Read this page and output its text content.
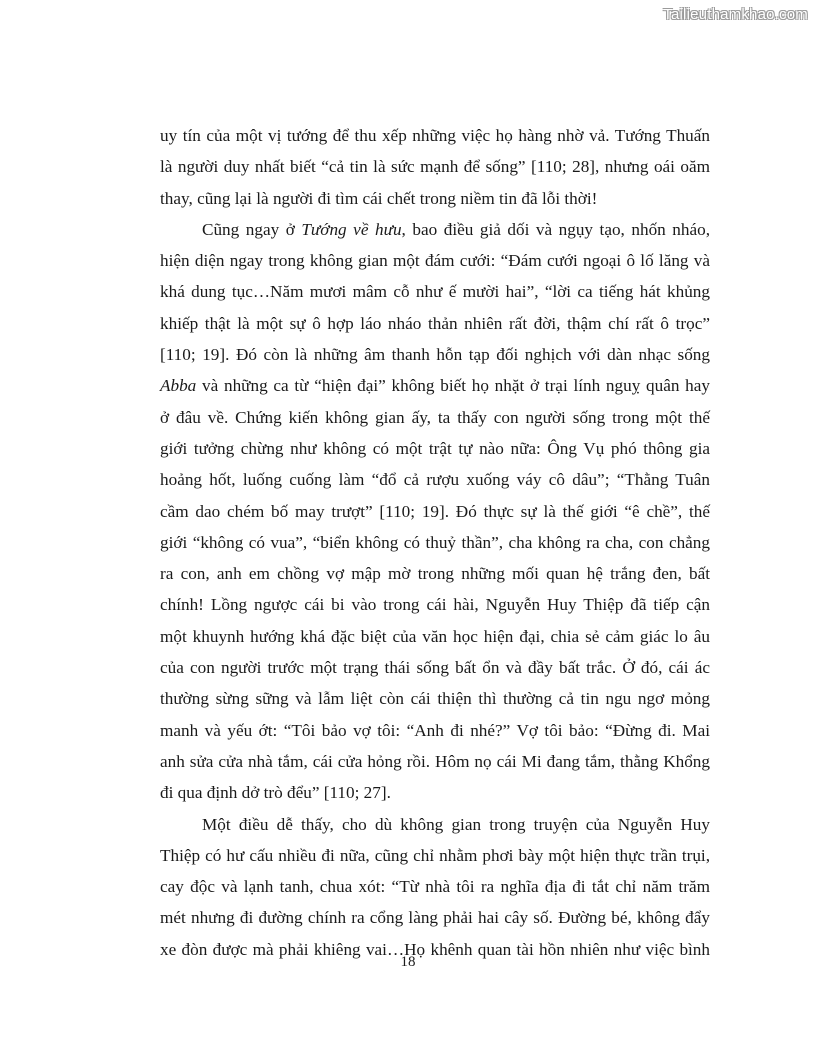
Tailieuthamkhao.com
uy tín của một vị tướng để thu xếp những việc họ hàng nhờ vả. Tướng Thuấn
là người duy nhất biết “cả tin là sức mạnh để sống” [110; 28], nhưng oái oăm
thay, cũng lại là người đi tìm cái chết trong niềm tin đã lỗi thời!
Cũng ngay ở Tướng về hưu, bao điều giả dối và ngụy tạo, nhốn nháo,
hiện diện ngay trong không gian một đám cưới: “Đám cưới ngoại ô lố lăng và
khá dung tục…Năm mươi mâm cỗ như ế mười hai”, “lời ca tiếng hát khủng
khiếp thật là một sự ô hợp láo nháo thản nhiên rất đời, thậm chí rất ô trọc”
[110; 19]. Đó còn là những âm thanh hỗn tạp đối nghịch với dàn nhạc sống
Abba và những ca từ “hiện đại” không biết họ nhặt ở trại lính nguỵ quân hay
ở đâu về. Chứng kiến không gian ấy, ta thấy con người sống trong một thế
giới tưởng chừng như không có một trật tự nào nữa: Ông Vụ phó thông gia
hoảng hốt, luống cuống làm “đổ cả rượu xuống váy cô dâu”; “Thằng Tuân
cầm dao chém bố may trượt” [110; 19]. Đó thực sự là thế giới “ê chề”, thế
giới “không có vua”, “biển không có thuỷ thần”, cha không ra cha, con chẳng
ra con, anh em chồng vợ mập mờ trong những mối quan hệ trắng đen, bất
chính! Lồng ngược cái bi vào trong cái hài, Nguyễn Huy Thiệp đã tiếp cận
một khuynh hướng khá đặc biệt của văn học hiện đại, chia sẻ cảm giác lo âu
của con người trước một trạng thái sống bất ổn và đầy bất trắc. Ở đó, cái ác
thường sừng sững và lẫm liệt còn cái thiện thì thường cả tin ngu ngơ mỏng
manh và yếu ớt: “Tôi bảo vợ tôi: “Anh đi nhé?” Vợ tôi bảo: “Đừng đi. Mai
anh sửa cửa nhà tắm, cái cửa hỏng rồi. Hôm nọ cái Mi đang tắm, thằng Khổng
đi qua định dở trò đểu” [110; 27].
Một điều dễ thấy, cho dù không gian trong truyện của Nguyễn Huy
Thiệp có hư cấu nhiều đi nữa, cũng chỉ nhằm phơi bày một hiện thực trần trụi,
cay độc và lạnh tanh, chua xót: “Từ nhà tôi ra nghĩa địa đi tắt chỉ năm trăm
mét nhưng đi đường chính ra cổng làng phải hai cây số. Đường bé, không đẩy
xe đòn được mà phải khiêng vai…Họ khênh quan tài hồn nhiên như việc bình
18
